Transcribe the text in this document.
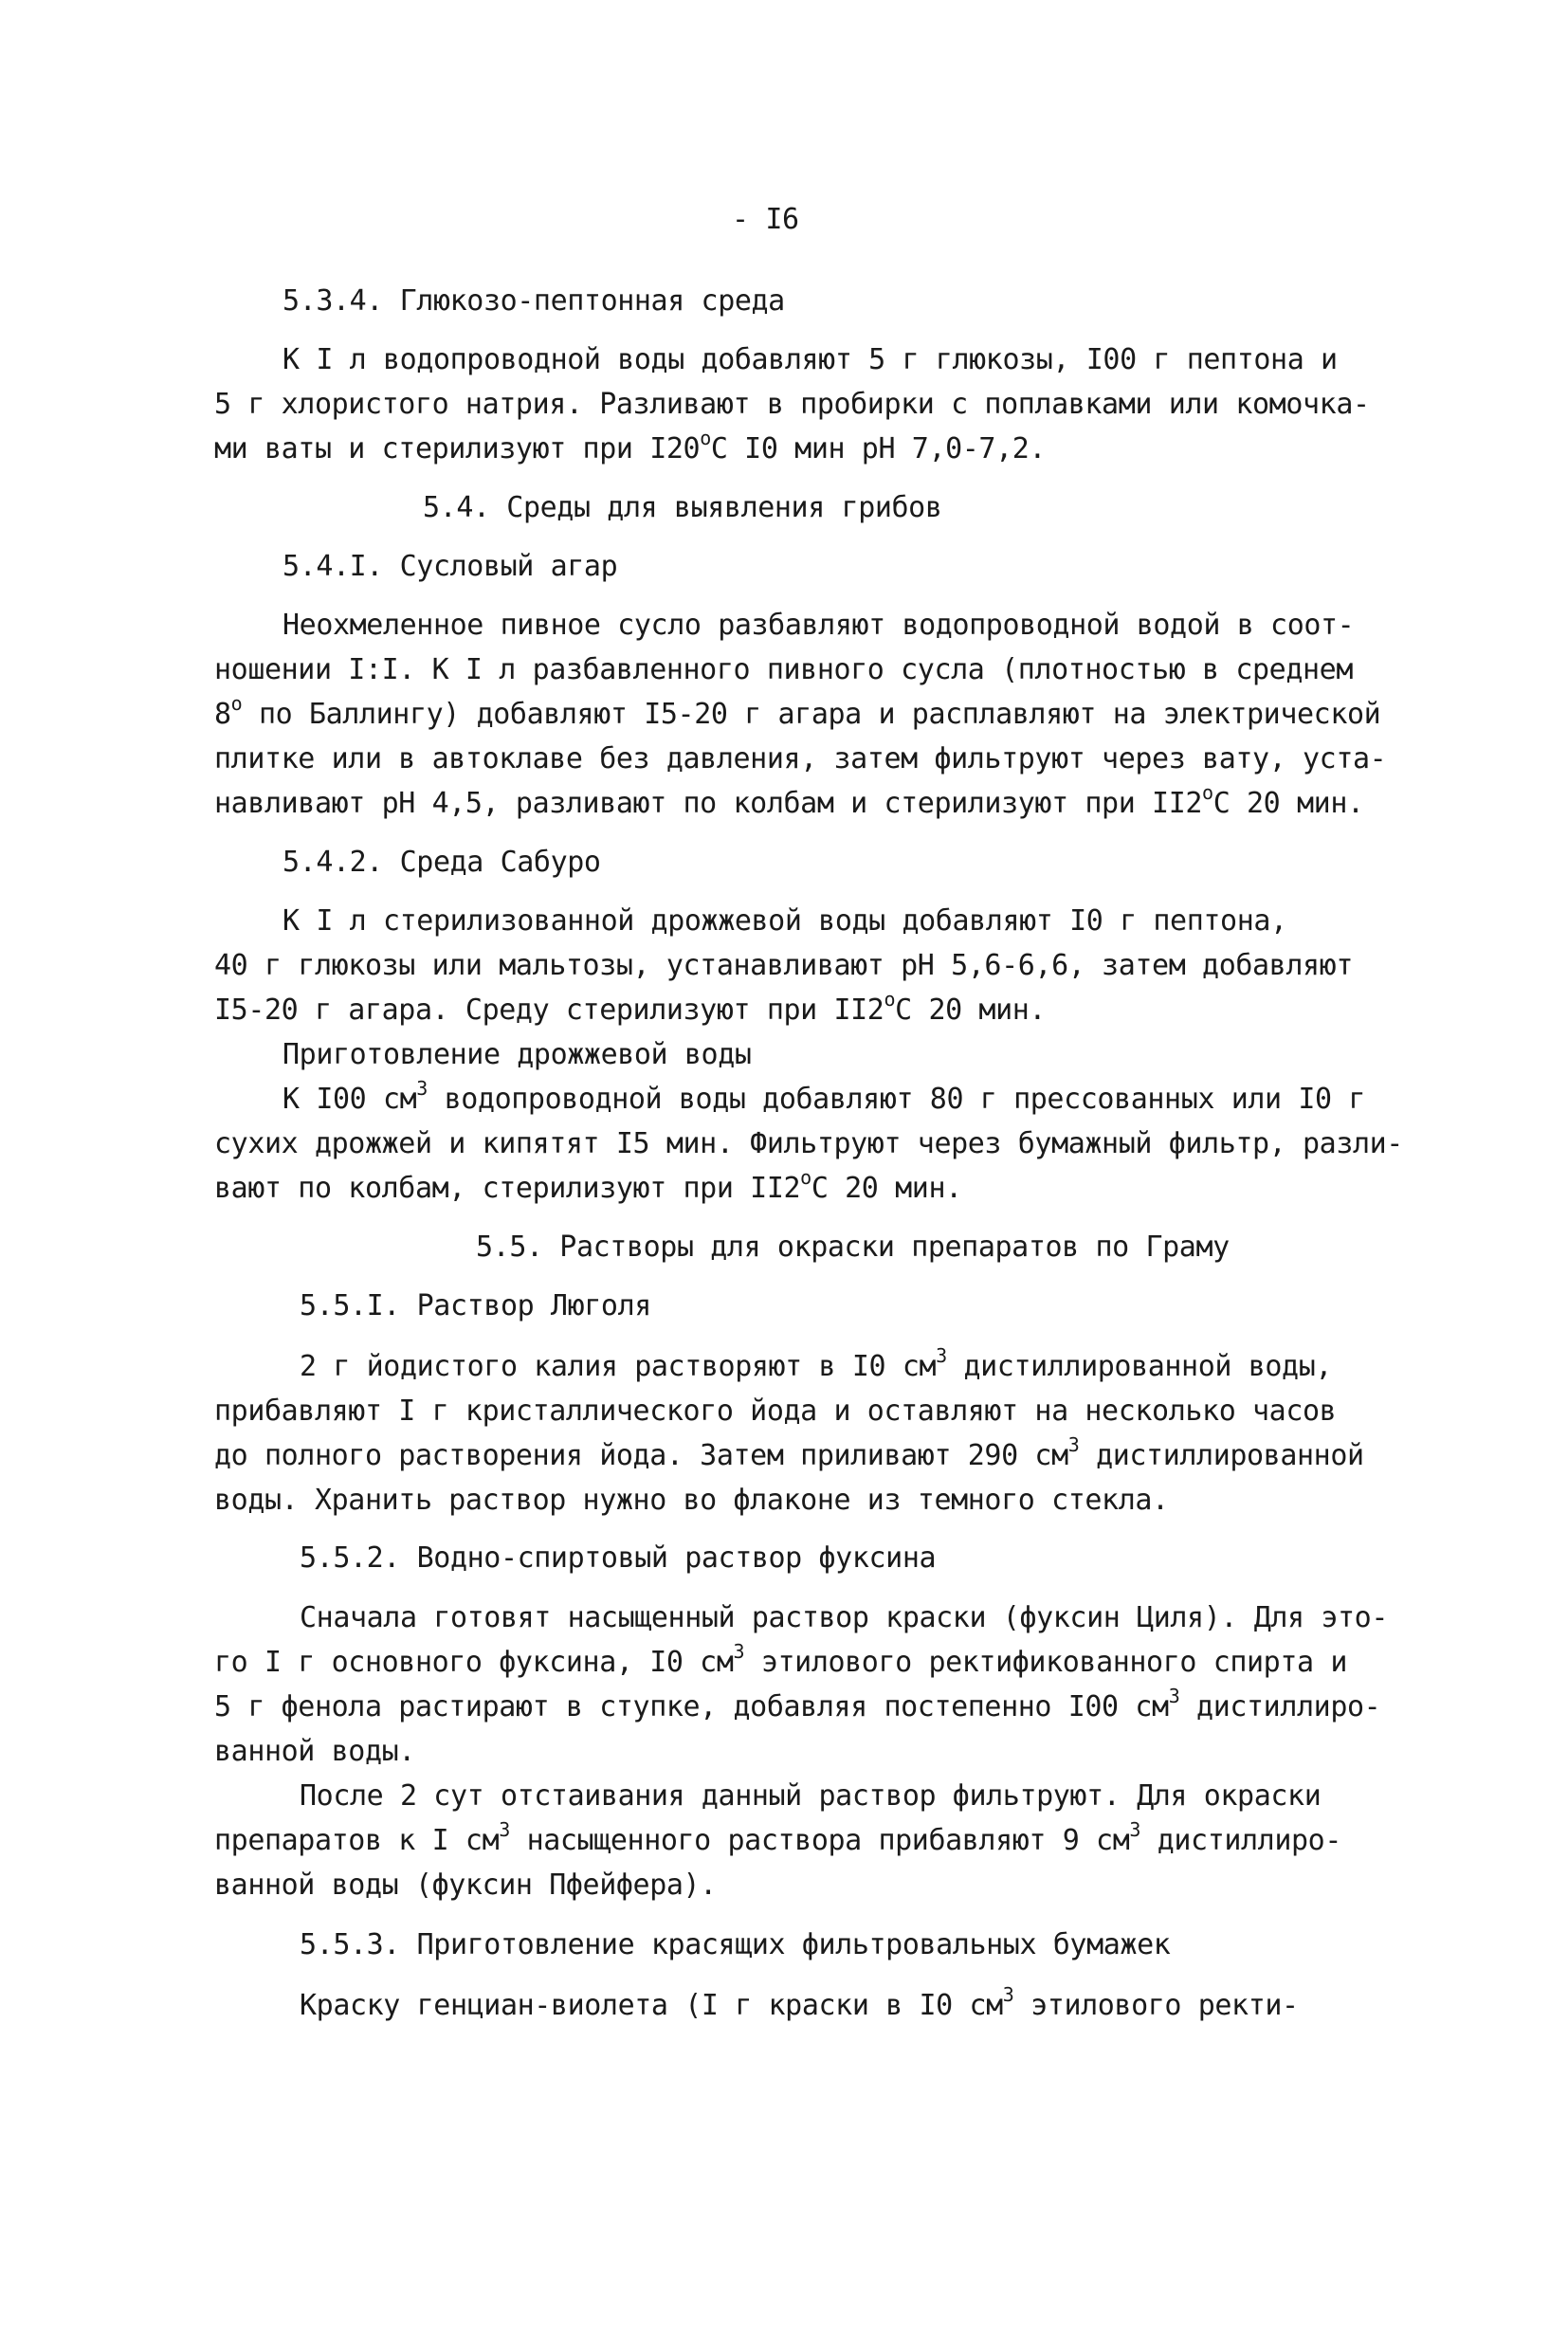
- I6

5.3.4. Глюкозо-пептонная среда

К I л водопроводной воды добавляют 5 г глюкозы, I00 г пептона и

5 г хлористого натрия. Разливают в пробирки с поплавками или комочка-

ми ваты и стерилизуют при $I20^оС$ I0 мин pH 7,0-7,2.

5.4. Среды для выявления грибов

5.4.I. Сусловый агар

Неохмеленное пивное сусло разбавляют водопроводной водой в соот-

ношении I:I. К I л разбавленного пивного сусла (плотностью в среднем

$8^о$ по Баллингу) добавляют I5-20 г агара и расплавляют на электрической

плитке или в автоклаве без давления, затем фильтруют через вату, уста-

навливают pH 4,5, разливают по колбам и стерилизуют при $II2^оС$ 20 мин.

5.4.2. Среда Сабуро

К I л стерилизованной дрожжевой воды добавляют I0 г пептона,

40 г глюкозы или мальтозы, устанавливают pH 5,6-6,6, затем добавляют

I5-20 г агара. Среду стерилизуют при $II2^оС$ 20 мин.

Приготовление дрожжевой воды

К I00 $см^3$ водопроводной воды добавляют 80 г прессованных или I0 г

сухих дрожжей и кипятят I5 мин. Фильтруют через бумажный фильтр, разли-

вают по колбам, стерилизуют при $II2^оС$ 20 мин.

5.5. Растворы для окраски препаратов по Граму

5.5.I. Раствор Люголя

2 г йодистого калия растворяют в I0 $см^3$ дистиллированной воды,

прибавляют I г кристаллического йода и оставляют на несколько часов

до полного растворения йода. Затем приливают 290 $см^3$ дистиллированной

воды. Хранить раствор нужно во флаконе из темного стекла.

5.5.2. Водно-спиртовый раствор фуксина

Сначала готовят насыщенный раствор краски (фуксин Циля). Для это-

го I г основного фуксина, I0 $см^3$ этилового ректификованного спирта и

5 г фенола растирают в ступке, добавляя постепенно I00 $см^3$ дистиллиро-

ванной воды.

После 2 сут отстаивания данный раствор фильтруют. Для окраски

препаратов к I $см^3$ насыщенного раствора прибавляют 9 $см^3$ дистиллиро-

ванной воды (фуксин Пфейфера).

5.5.3. Приготовление красящих фильтровальных бумажек

Краску генциан-виолета (I г краски в I0 $см^3$ этилового ректи-
